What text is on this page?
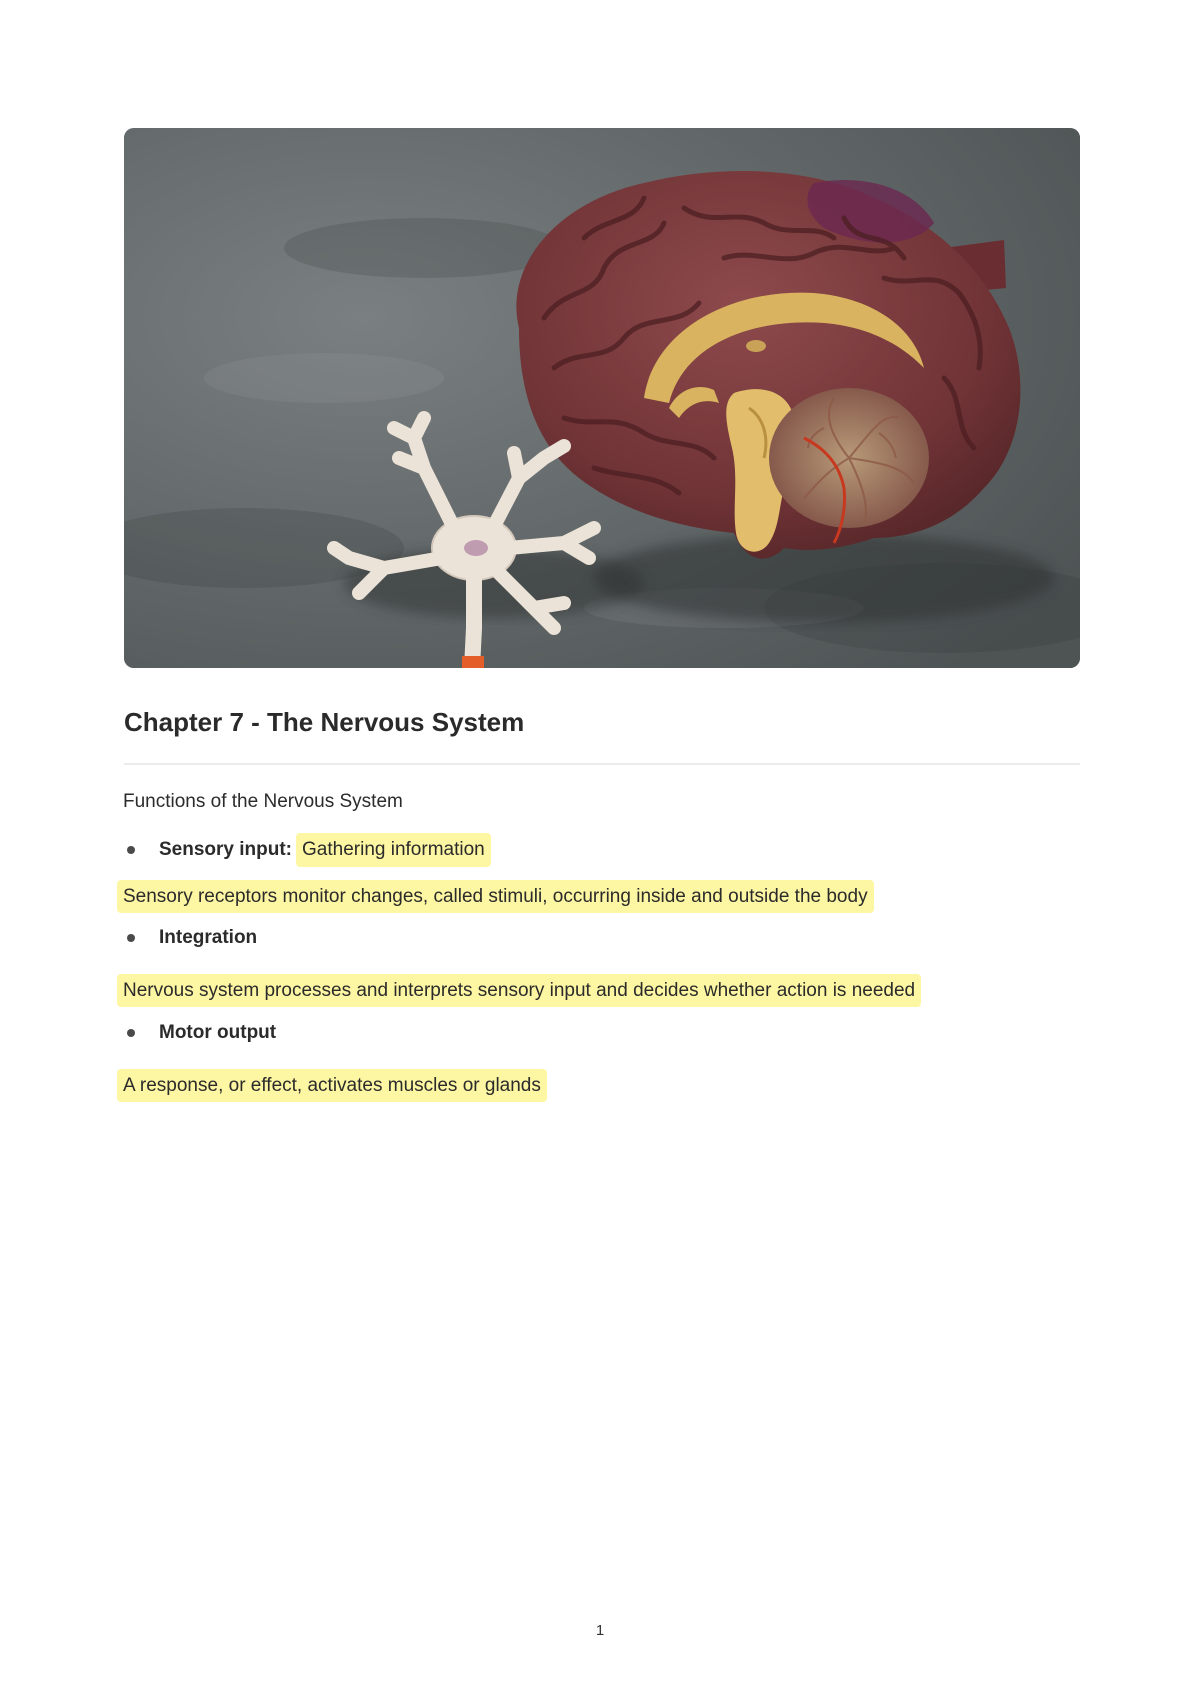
Chapter 7 - The Nervous System
Functions of the Nervous System
Sensory input: Gathering information
Sensory receptors monitor changes, called stimuli, occurring inside and outside the body
Integration
Nervous system processes and interprets sensory input and decides whether action is needed
Motor output
A response, or effect, activates muscles or glands
1
